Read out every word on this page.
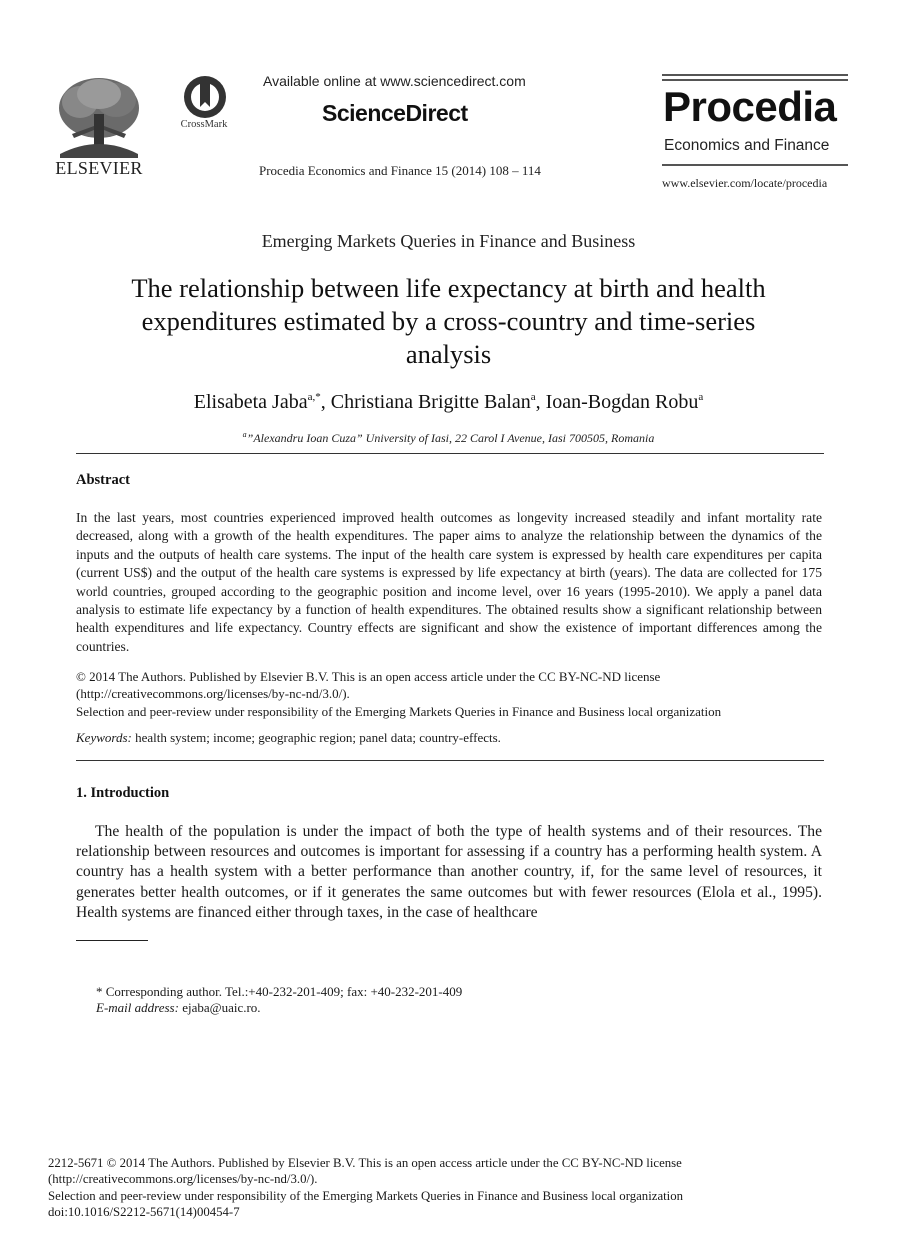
ELSEVIER
CrossMark
Available online at www.sciencedirect.com
ScienceDirect
Procedia Economics and Finance 15 (2014) 108 – 114
Procedia
Economics and Finance
www.elsevier.com/locate/procedia
Emerging Markets Queries in Finance and Business
The relationship between life expectancy at birth and health
expenditures estimated by a cross-country and time-series
analysis
Elisabeta Jaba$^{a,*}$, Christiana Brigitte Balan$^a$, Ioan-Bogdan Robu$^a$
$^a$”Alexandru Ioan Cuza” University of Iasi, 22 Carol I Avenue, Iasi 700505, Romania
Abstract
In the last years, most countries experienced improved health outcomes as longevity increased steadily and infant mortality rate decreased, along with a growth of the health expenditures. The paper aims to analyze the relationship between the dynamics of the inputs and the outputs of health care systems. The input of the health care system is expressed by health care expenditures per capita (current US$) and the output of the health care systems is expressed by life expectancy at birth (years). The data are collected for 175 world countries, grouped according to the geographic position and income level, over 16 years (1995-2010). We apply a panel data analysis to estimate life expectancy by a function of health expenditures. The obtained results show a significant relationship between health expenditures and life expectancy. Country effects are significant and show the existence of important differences among the countries.
© 2014 The Authors. Published by Elsevier B.V. This is an open access article under the CC BY-NC-ND license
(http://creativecommons.org/licenses/by-nc-nd/3.0/).
Selection and peer-review under responsibility of the Emerging Markets Queries in Finance and Business local organization
Keywords: health system; income; geographic region; panel data; country-effects.
1. Introduction

The health of the population is under the impact of both the type of health systems and of their resources. The relationship between resources and outcomes is important for assessing if a country has a performing health system. A country has a health system with a better performance than another country, if, for the same level of resources, it generates better health outcomes, or if it generates the same outcomes but with fewer resources (Elola et al., 1995). Health systems are financed either through taxes, in the case of healthcare

* Corresponding author. Tel.:+40-232-201-409; fax: +40-232-201-409
E-mail address: ejaba@uaic.ro.
2212-5671 © 2014 The Authors. Published by Elsevier B.V. This is an open access article under the CC BY-NC-ND license
(http://creativecommons.org/licenses/by-nc-nd/3.0/).
Selection and peer-review under responsibility of the Emerging Markets Queries in Finance and Business local organization
doi:10.1016/S2212-5671(14)00454-7
